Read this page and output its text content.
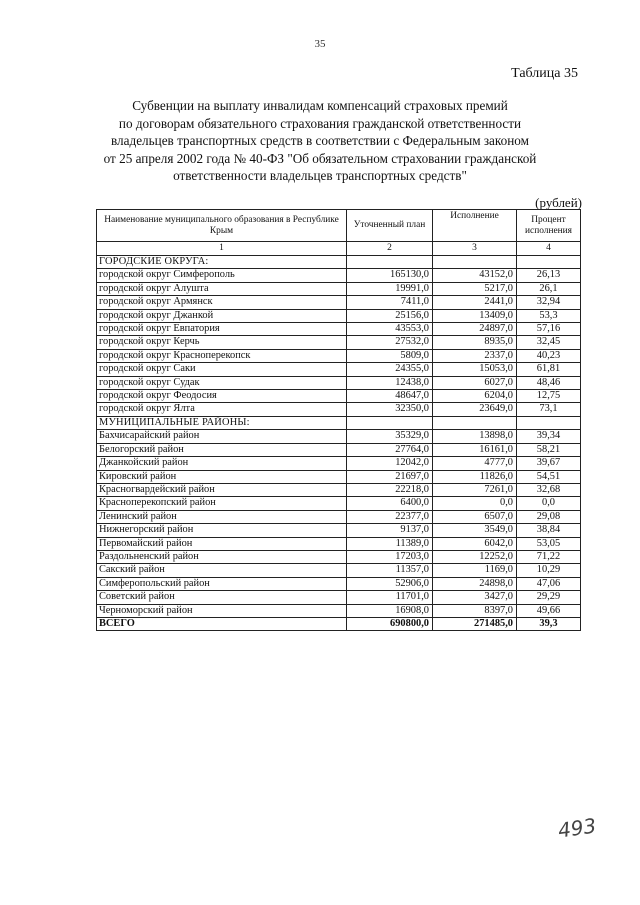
35
Таблица 35
Субвенции на выплату инвалидам компенсаций страховых премий
по договорам обязательного страхования гражданской ответственности
владельцев транспортных средств в соответствии с Федеральным законом
от 25 апреля 2002 года № 40-ФЗ "Об обязательном страховании гражданской
ответственности владельцев транспортных средств"
(рублей)
Наименование муниципального образования в Республике Крым	Уточненный план	Исполнение	Процент исполнения
1	2	3	4
ГОРОДСКИЕ ОКРУГА:			
городской округ Симферополь	165130,0	43152,0	26,13
городской округ Алушта	19991,0	5217,0	26,1
городской округ Армянск	7411,0	2441,0	32,94
городской округ Джанкой	25156,0	13409,0	53,3
городской округ Евпатория	43553,0	24897,0	57,16
городской округ Керчь	27532,0	8935,0	32,45
городской округ Красноперекопск	5809,0	2337,0	40,23
городской округ Саки	24355,0	15053,0	61,81
городской округ Судак	12438,0	6027,0	48,46
городской округ Феодосия	48647,0	6204,0	12,75
городской округ Ялта	32350,0	23649,0	73,1
МУНИЦИПАЛЬНЫЕ РАЙОНЫ:			
Бахчисарайский район	35329,0	13898,0	39,34
Белогорский район	27764,0	16161,0	58,21
Джанкойский район	12042,0	4777,0	39,67
Кировский район	21697,0	11826,0	54,51
Красногвардейский район	22218,0	7261,0	32,68
Красноперекопский район	6400,0	0,0	0,0
Ленинский район	22377,0	6507,0	29,08
Нижнегорский район	9137,0	3549,0	38,84
Первомайский район	11389,0	6042,0	53,05
Раздольненский район	17203,0	12252,0	71,22
Сакский район	11357,0	1169,0	10,29
Симферопольский район	52906,0	24898,0	47,06
Советский район	11701,0	3427,0	29,29
Черноморский район	16908,0	8397,0	49,66
ВСЕГО	690800,0	271485,0	39,3
493
